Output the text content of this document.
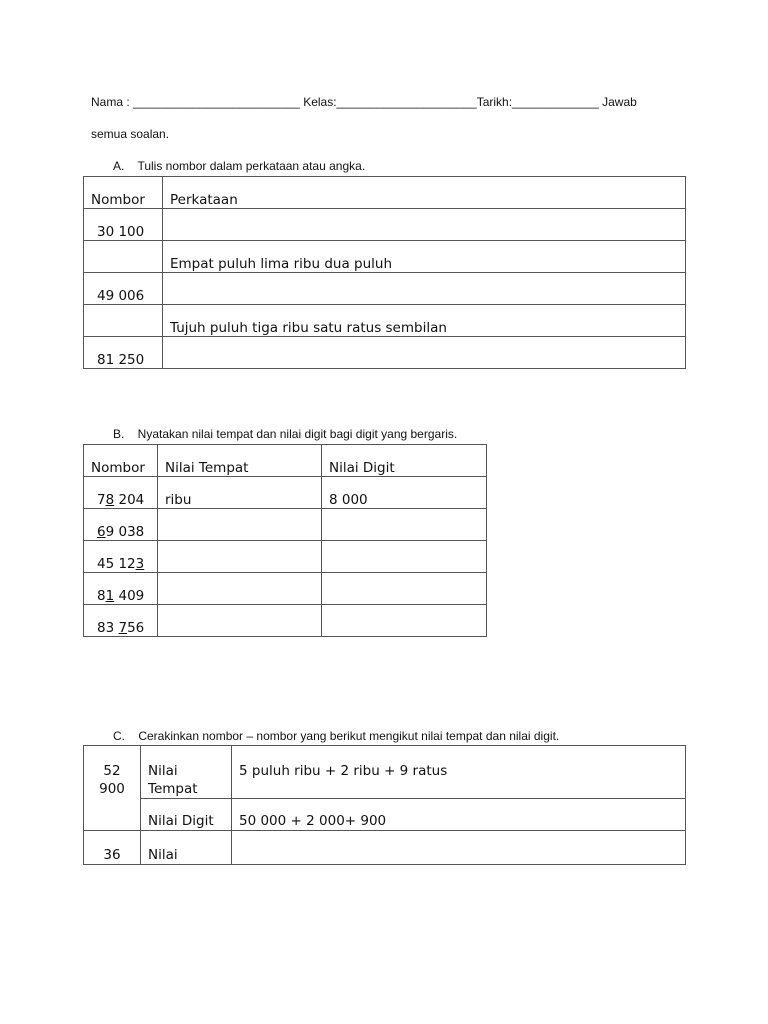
Nama : _________________________ Kelas:_____________________Tarikh:_____________ Jawab
semua soalan.
A.    Tulis nombor dalam perkataan atau angka.
Nombor	Perkataan
30 100	
	Empat puluh lima ribu dua puluh
49 006	
	Tujuh puluh tiga ribu satu ratus sembilan
81 250	
B.    Nyatakan nilai tempat dan nilai digit bagi digit yang bergaris.
Nombor	Nilai Tempat	Nilai Digit
78 204	ribu	8 000
69 038		
45 123		
81 409		
83 756		
C.    Cerakinkan nombor – nombor yang berikut mengikut nilai tempat dan nilai digit.
52 900	Nilai Tempat	5 puluh ribu + 2 ribu + 9 ratus
	Nilai Digit	50 000 + 2 000+ 900
36	Nilai	
